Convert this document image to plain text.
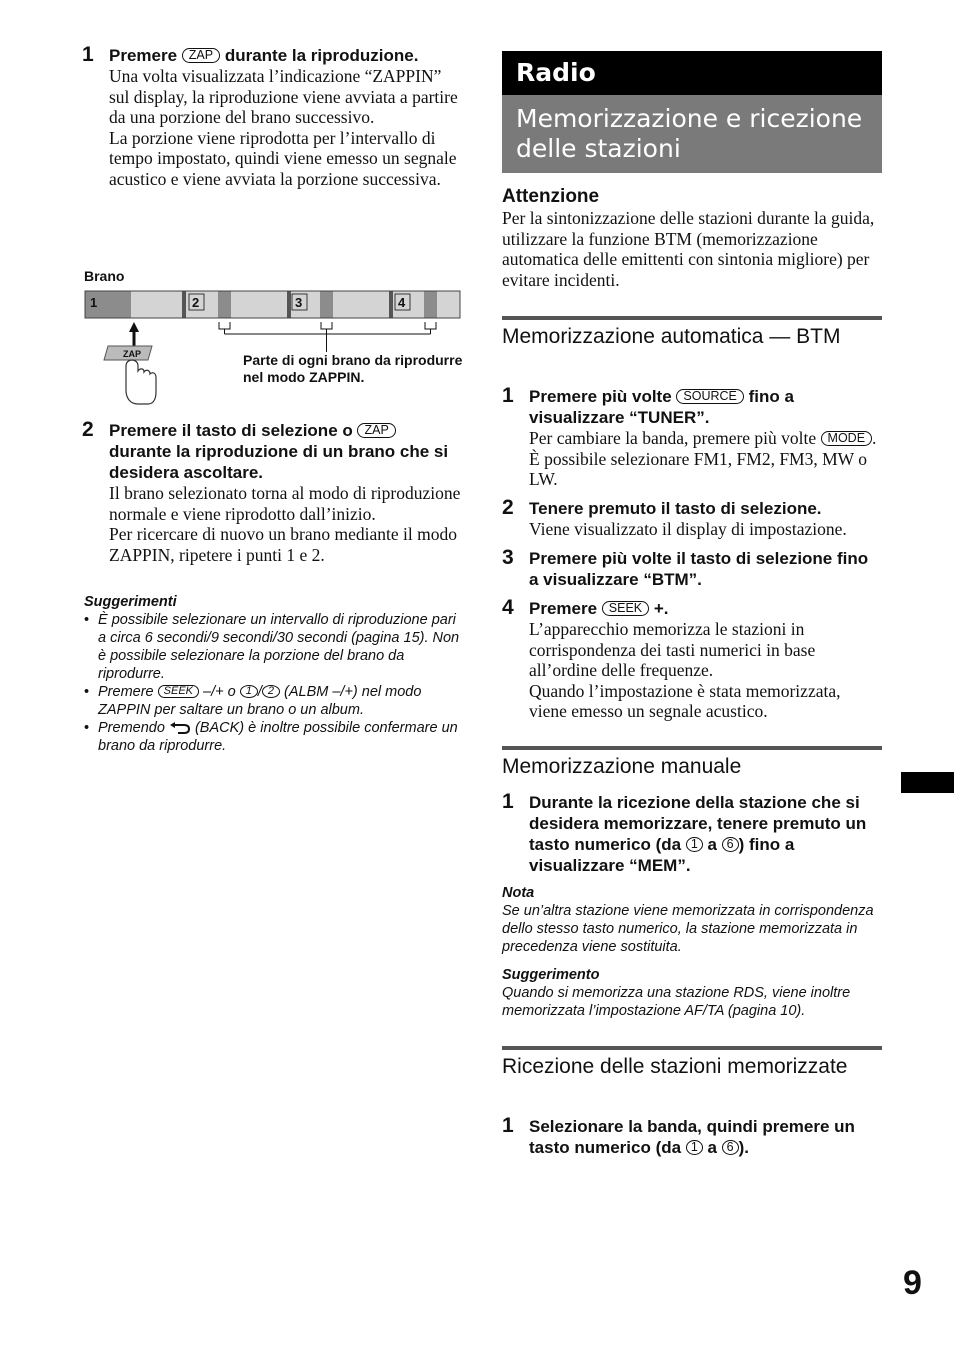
1 Premere ZAP durante la riproduzione.
Una volta visualizzata l’indicazione “ZAPPIN” sul display, la riproduzione viene avviata a partire da una porzione del brano successivo.
La porzione viene riprodotta per l’intervallo di tempo impostato, quindi viene emesso un segnale acustico e viene avviata la porzione successiva.
Brano
1	2	3	4
ZAP	Parte di ogni brano da riprodurre nel modo ZAPPIN.
2 Premere il tasto di selezione o ZAP durante la riproduzione di un brano che si desidera ascoltare.
Il brano selezionato torna al modo di riproduzione normale e viene riprodotto dall’inizio.
Per ricercare di nuovo un brano mediante il modo ZAPPIN, ripetere i punti 1 e 2.
Suggerimenti
• È possibile selezionare un intervallo di riproduzione pari a circa 6 secondi/9 secondi/30 secondi (pagina 15). Non è possibile selezionare la porzione del brano da riprodurre.
• Premere SEEK –/+ o 1 / 2 (ALBM –/+) nel modo ZAPPIN per saltare un brano o un album.
• Premendo  (BACK) è inoltre possibile confermare un brano da riprodurre.
Radio
Memorizzazione e ricezione delle stazioni
Attenzione
Per la sintonizzazione delle stazioni durante la guida, utilizzare la funzione BTM (memorizzazione automatica delle emittenti con sintonia migliore) per evitare incidenti.
Memorizzazione automatica — BTM
1 Premere più volte SOURCE fino a visualizzare “TUNER”.
Per cambiare la banda, premere più volte MODE . È possibile selezionare FM1, FM2, FM3, MW o LW.
2 Tenere premuto il tasto di selezione.
Viene visualizzato il display di impostazione.
3 Premere più volte il tasto di selezione fino a visualizzare “BTM”.
4 Premere SEEK +.
L’apparecchio memorizza le stazioni in corrispondenza dei tasti numerici in base all’ordine delle frequenze.
Quando l’impostazione è stata memorizzata, viene emesso un segnale acustico.
Memorizzazione manuale
1 Durante la ricezione della stazione che si desidera memorizzare, tenere premuto un tasto numerico (da 1 a 6 ) fino a visualizzare “MEM”.
Nota
Se un’altra stazione viene memorizzata in corrispondenza dello stesso tasto numerico, la stazione memorizzata in precedenza viene sostituita.
Suggerimento
Quando si memorizza una stazione RDS, viene inoltre memorizzata l’impostazione AF/TA (pagina 10).
Ricezione delle stazioni memorizzate
1 Selezionare la banda, quindi premere un tasto numerico (da 1 a 6 ).
9
